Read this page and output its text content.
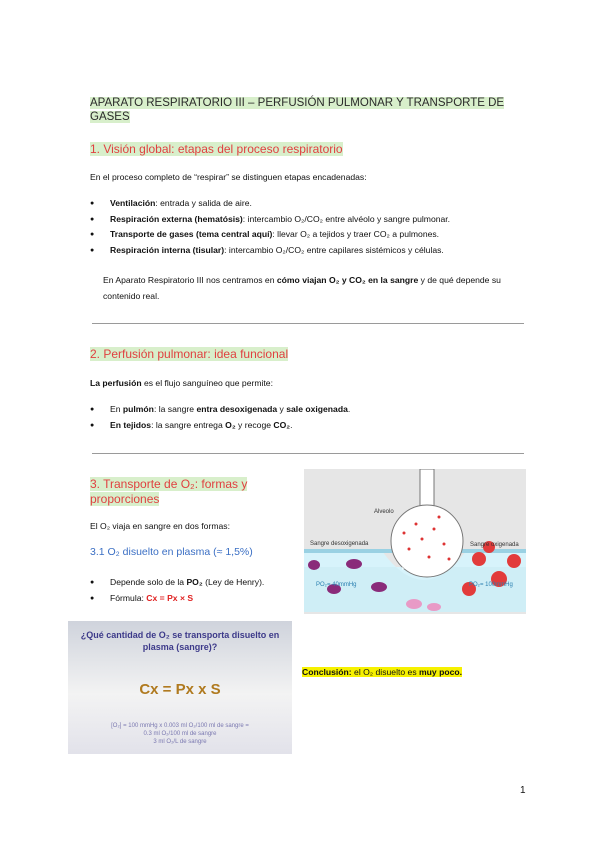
APARATO RESPIRATORIO III – PERFUSIÓN PULMONAR Y TRANSPORTE DE GASES
1. Visión global: etapas del proceso respiratorio
En el proceso completo de “respirar” se distinguen etapas encadenadas:
● Ventilación: entrada y salida de aire.
● Respiración externa (hematósis): intercambio O₂/CO₂ entre alvéolo y sangre pulmonar.
● Transporte de gases (tema central aquí): llevar O₂ a tejidos y traer CO₂ a pulmones.
● Respiración interna (tisular): intercambio O₂/CO₂ entre capilares sistémicos y células.
En Aparato Respiratorio III nos centramos en cómo viajan O₂ y CO₂ en la sangre y de qué depende su contenido real.
2. Perfusión pulmonar: idea funcional
La perfusión es el flujo sanguíneo que permite:
● En pulmón: la sangre entra desoxigenada y sale oxigenada.
● En tejidos: la sangre entrega O₂ y recoge CO₂.
3. Transporte de O₂: formas y proporciones
El O₂ viaja en sangre en dos formas:
3.1 O₂ disuelto en plasma (≈ 1,5%)
● Depende solo de la PO₂ (Ley de Henry).
● Fórmula: Cx = Px × S
Alveolo
Sangre desoxigenada	Sangre oxigenada
O₂
PO₂= 100mmHg
PO₂= 40mmHg	PO₂= 100mmHg
¿Qué cantidad de O₂ se transporta disuelto en plasma (sangre)?
Cx = Px x S
[O₂] = 100 mmHg x 0.003 ml O₂/100 ml de sangre =
0.3 ml O₂/100 ml de sangre
3 ml O₂/L de sangre
Conclusión: el O₂ disuelto es muy poco.
1
